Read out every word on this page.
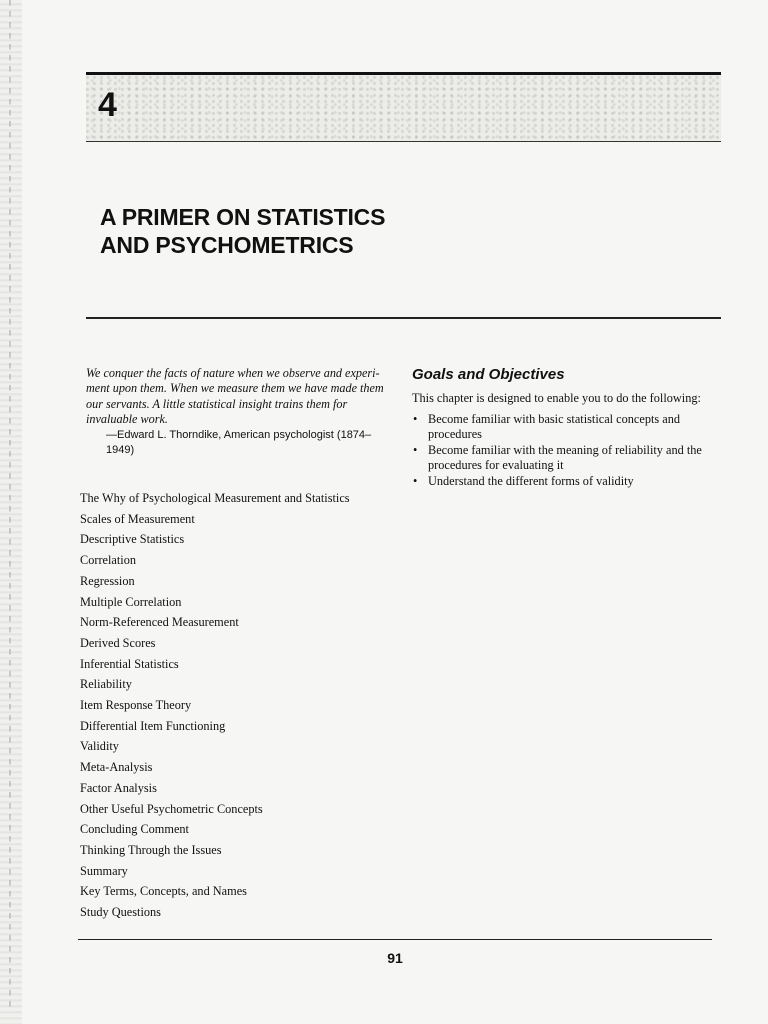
4
A PRIMER ON STATISTICS
AND PSYCHOMETRICS
We conquer the facts of nature when we observe and experi-ment upon them. When we measure them we have made them our servants. A little statistical insight trains them for invaluable work.
—Edward L. Thorndike, American psychologist (1874–1949)
Goals and Objectives
This chapter is designed to enable you to do the following:
• Become familiar with basic statistical concepts and procedures
• Become familiar with the meaning of reliability and the procedures for evaluating it
• Understand the different forms of validity
The Why of Psychological Measurement and Statistics
Scales of Measurement
Descriptive Statistics
Correlation
Regression
Multiple Correlation
Norm-Referenced Measurement
Derived Scores
Inferential Statistics
Reliability
Item Response Theory
Differential Item Functioning
Validity
Meta-Analysis
Factor Analysis
Other Useful Psychometric Concepts
Concluding Comment
Thinking Through the Issues
Summary
Key Terms, Concepts, and Names
Study Questions
91
